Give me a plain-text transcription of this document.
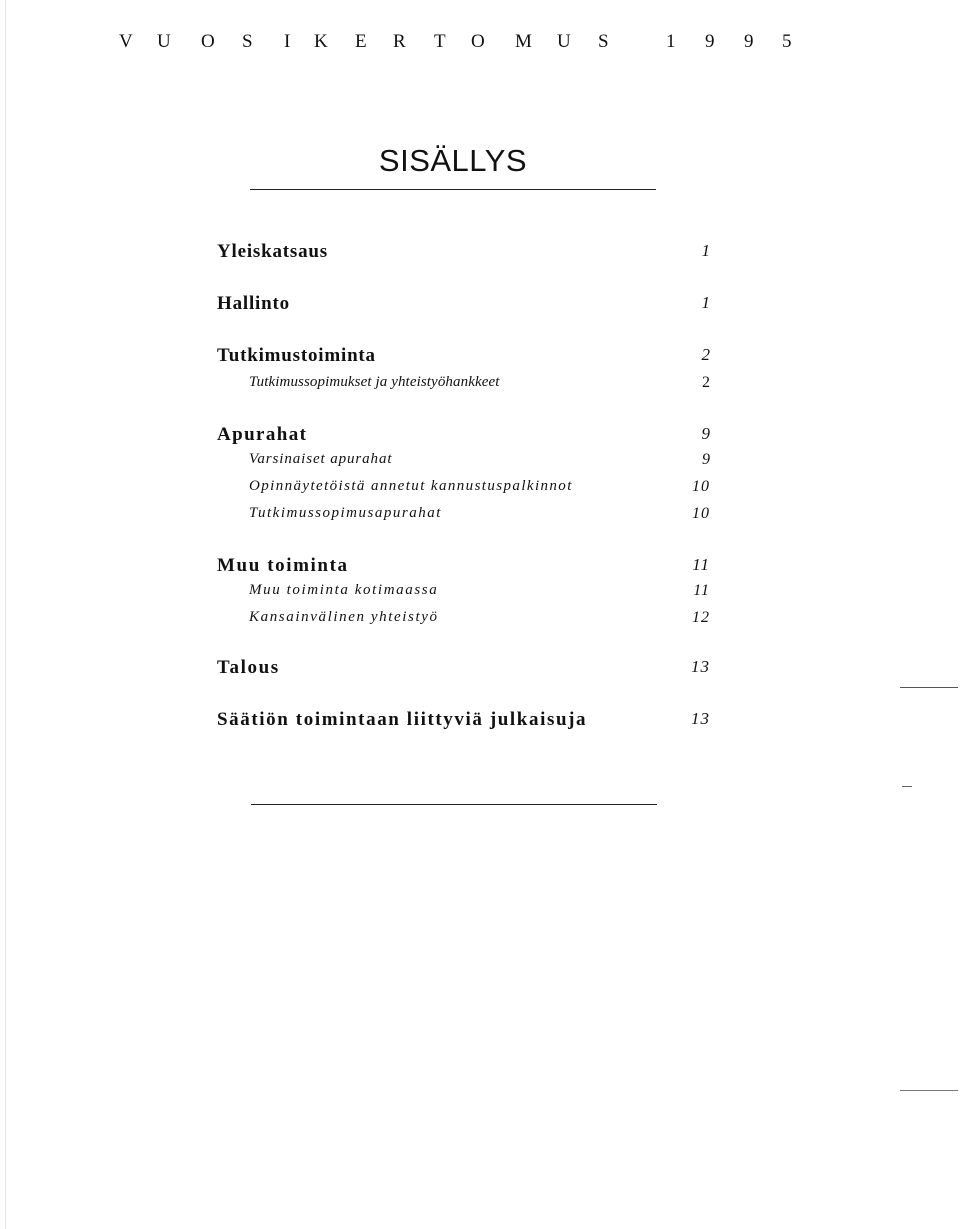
V U O S I K E R T O M U S	1 9 9 5
SISÄLLYS
Yleiskatsaus	1
Hallinto	1
Tutkimustoiminta	2
Tutkimussopimukset ja yhteistyöhankkeet	2
Apurahat	9
Varsinaiset apurahat	9
Opinnäytetöistä annetut kannustuspalkinnot	10
Tutkimussopimusapurahat	10
Muu toiminta	11
Muu toiminta kotimaassa	11
Kansainvälinen yhteistyö	12
Talous	13
Säätiön toimintaan liittyviä julkaisuja	13
